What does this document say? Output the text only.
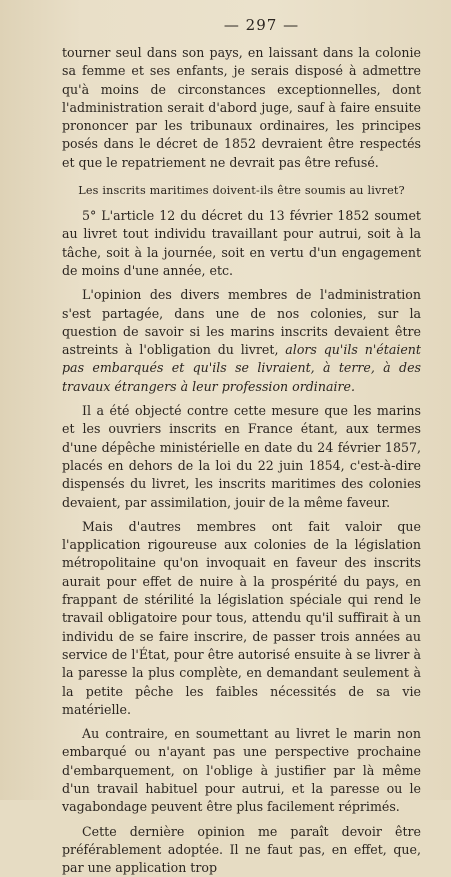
— 297 —

tourner seul dans son pays, en laissant dans la colonie sa femme et ses enfants, je serais disposé à admettre qu'à moins de circonstances exceptionnelles, dont l'administration serait d'abord juge, sauf à faire ensuite prononcer par les tribunaux ordinaires, les principes posés dans le décret de 1852 devraient être respectés et que le repatriement ne devrait pas être refusé.

Les inscrits maritimes doivent-ils être soumis au livret?

5° L'article 12 du décret du 13 février 1852 soumet au livret tout individu travaillant pour autrui, soit à la tâche, soit à la journée, soit en vertu d'un engagement de moins d'une année, etc.

L'opinion des divers membres de l'administration s'est partagée, dans une de nos colonies, sur la question de savoir si les marins inscrits devaient être astreints à l'obligation du livret, alors qu'ils n'étaient pas embarqués et qu'ils se livraient, à terre, à des travaux étrangers à leur profession ordinaire.

Il a été objecté contre cette mesure que les marins et les ouvriers inscrits en France étant, aux termes d'une dépêche ministérielle en date du 24 février 1857, placés en dehors de la loi du 22 juin 1854, c'est-à-dire dispensés du livret, les inscrits maritimes des colonies devaient, par assimilation, jouir de la même faveur.

Mais d'autres membres ont fait valoir que l'application rigoureuse aux colonies de la législation métropolitaine qu'on invoquait en faveur des inscrits aurait pour effet de nuire à la prospérité du pays, en frappant de stérilité la législation spéciale qui rend le travail obligatoire pour tous, attendu qu'il suffirait à un individu de se faire inscrire, de passer trois années au service de l'État, pour être autorisé ensuite à se livrer à la paresse la plus complète, en demandant seulement à la petite pêche les faibles nécessités de sa vie matérielle.

Au contraire, en soumettant au livret le marin non embarqué ou n'ayant pas une perspective prochaine d'embarquement, on l'oblige à justifier par là même d'un travail habituel pour autrui, et la paresse ou le vagabondage peuvent être plus facilement réprimés.

Cette dernière opinion me paraît devoir être préférablement adoptée. Il ne faut pas, en effet, que, par une application trop
